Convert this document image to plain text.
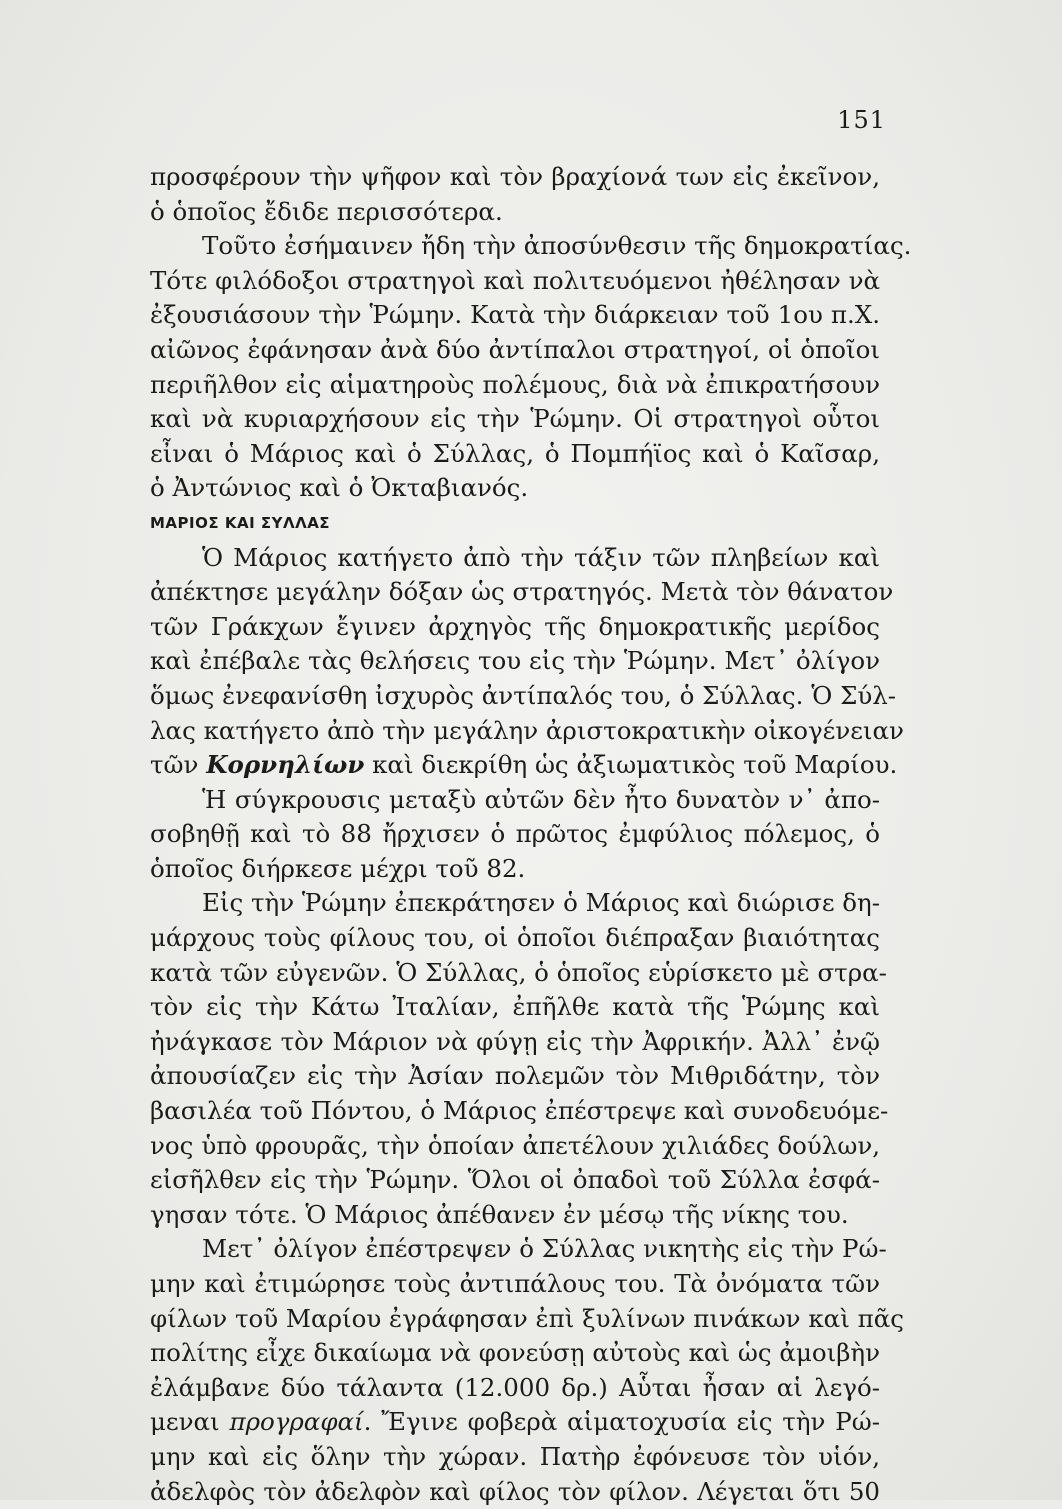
151
προσφέρουν τὴν ψῆφον καὶ τὸν βραχίονά των εἰς ἐκεῖνον,
ὁ ὁποῖος ἔδιδε περισσότερα.
Τοῦτο ἐσήμαινεν ἤδη τὴν ἀποσύνθεσιν τῆς δημοκρατίας.
Τότε φιλόδοξοι στρατηγοὶ καὶ πολιτευόμενοι ἠθέλησαν νὰ
ἐξουσιάσουν τὴν Ῥώμην. Κατὰ τὴν διάρκειαν τοῦ 1ου π.Χ.
αἰῶνος ἐφάνησαν ἀνὰ δύο ἀντίπαλοι στρατηγοί, οἱ ὁποῖοι
περιῆλθον εἰς αἱματηροὺς πολέμους, διὰ νὰ ἐπικρατήσουν
καὶ νὰ κυριαρχήσουν εἰς τὴν Ῥώμην. Οἱ στρατηγοὶ οὗτοι
εἶναι ὁ Μάριος καὶ ὁ Σύλλας, ὁ Πομπήϊος καὶ ὁ Καῖσαρ,
ὁ Ἀντώνιος καὶ ὁ Ὀκταβιανός.
ΜΑΡΙΟΣ ΚΑΙ ΣΥΛΛΑΣ
Ὁ Μάριος κατήγετο ἀπὸ τὴν τάξιν τῶν πληβείων καὶ
ἀπέκτησε μεγάλην δόξαν ὡς στρατηγός. Μετὰ τὸν θάνατον
τῶν Γράκχων ἔγινεν ἀρχηγὸς τῆς δημοκρατικῆς μερίδος
καὶ ἐπέβαλε τὰς θελήσεις του εἰς τὴν Ῥώμην. Μετ᾽ ὀλίγον
ὅμως ἐνεφανίσθη ἰσχυρὸς ἀντίπαλός του, ὁ Σύλλας. Ὁ Σύλ-
λας κατήγετο ἀπὸ τὴν μεγάλην ἀριστοκρατικὴν οἰκογένειαν
τῶν Κορνηλίων καὶ διεκρίθη ὡς ἀξιωματικὸς τοῦ Μαρίου.
Ἡ σύγκρουσις μεταξὺ αὐτῶν δὲν ἦτο δυνατὸν ν᾽ ἀπο-
σοβηθῇ καὶ τὸ 88 ἤρχισεν ὁ πρῶτος ἐμφύλιος πόλεμος, ὁ
ὁποῖος διήρκεσε μέχρι τοῦ 82.
Εἰς τὴν Ῥώμην ἐπεκράτησεν ὁ Μάριος καὶ διώρισε δη-
μάρχους τοὺς φίλους του, οἱ ὁποῖοι διέπραξαν βιαιότητας
κατὰ τῶν εὐγενῶν. Ὁ Σύλλας, ὁ ὁποῖος εὑρίσκετο μὲ στρα-
τὸν εἰς τὴν Κάτω Ἰταλίαν, ἐπῆλθε κατὰ τῆς Ῥώμης καὶ
ἠνάγκασε τὸν Μάριον νὰ φύγῃ εἰς τὴν Ἀφρικήν. Ἀλλ᾽ ἐνῷ
ἀπουσίαζεν εἰς τὴν Ἀσίαν πολεμῶν τὸν Μιθριδάτην, τὸν
βασιλέα τοῦ Πόντου, ὁ Μάριος ἐπέστρεψε καὶ συνοδευόμε-
νος ὑπὸ φρουρᾶς, τὴν ὁποίαν ἀπετέλουν χιλιάδες δούλων,
εἰσῆλθεν εἰς τὴν Ῥώμην. Ὅλοι οἱ ὀπαδοὶ τοῦ Σύλλα ἐσφά-
γησαν τότε. Ὁ Μάριος ἀπέθανεν ἐν μέσῳ τῆς νίκης του.
Μετ᾽ ὀλίγον ἐπέστρεψεν ὁ Σύλλας νικητὴς εἰς τὴν Ρώ-
μην καὶ ἐτιμώρησε τοὺς ἀντιπάλους του. Τὰ ὀνόματα τῶν
φίλων τοῦ Μαρίου ἐγράφησαν ἐπὶ ξυλίνων πινάκων καὶ πᾶς
πολίτης εἶχε δικαίωμα νὰ φονεύσῃ αὐτοὺς καὶ ὡς ἀμοιβὴν
ἐλάμβανε δύο τάλαντα (12.000 δρ.) Αὗται ἦσαν αἱ λεγό-
μεναι προγραφαί. Ἔγινε φοβερὰ αἱματοχυσία εἰς τὴν Ρώ-
μην καὶ εἰς ὅλην τὴν χώραν. Πατὴρ ἐφόνευσε τὸν υἱόν,
ἀδελφὸς τὸν ἀδελφὸν καὶ φίλος τὸν φίλον. Λέγεται ὅτι 50
